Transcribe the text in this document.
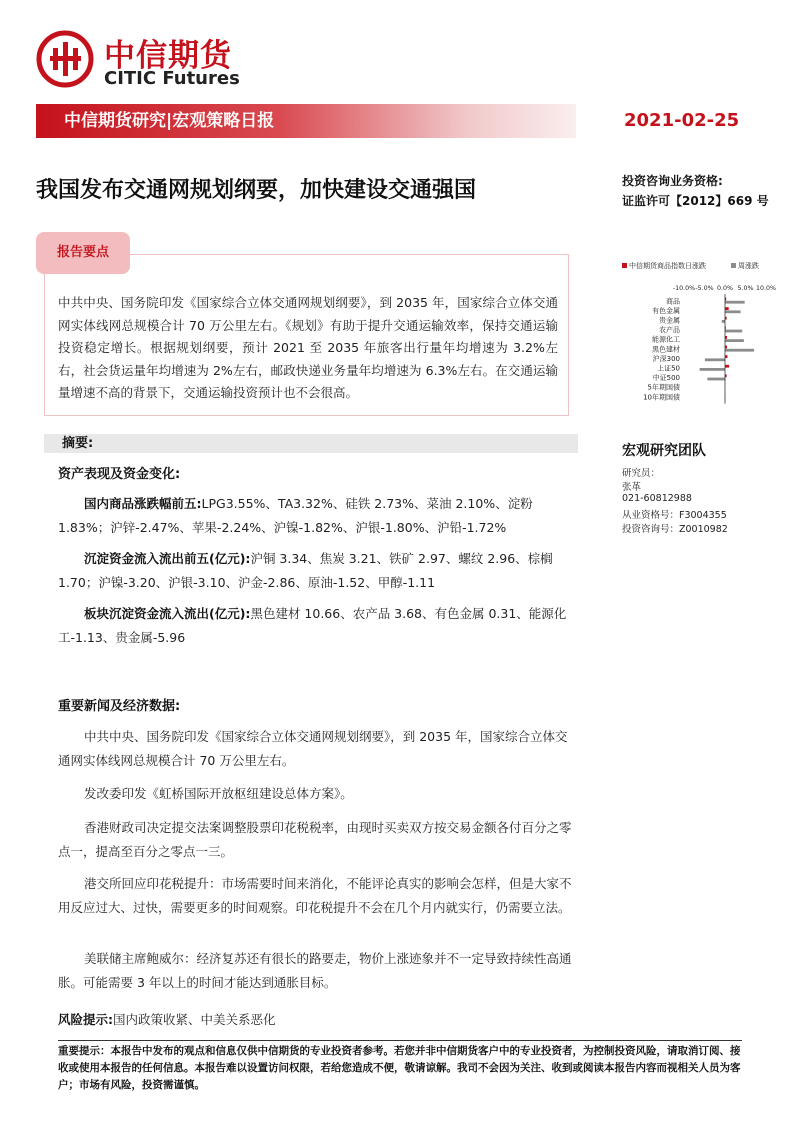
中信期货
CITIC Futures
中信期货研究|宏观策略日报	2021-02-25
我国发布交通网规划纲要，加快建设交通强国	投资咨询业务资格:
证监许可【2012】669 号
报告要点
中共中央、国务院印发《国家综合立体交通网规划纲要》，到 2035 年，国家综合立体交通网实体线网总规模合计 70 万公里左右。《规划》有助于提升交通运输效率，保持交通运输投资稳定增长。根据规划纲要，预计 2021 至 2035 年旅客出行量年均增速为 3.2%左右，社会货运量年均增速为 2%左右，邮政快递业务量年均增速为 6.3%左右。在交通运输量增速不高的背景下，交通运输投资预计也不会很高。
摘要:
资产表现及资金变化:
国内商品涨跌幅前五:LPG3.55%、TA3.32%、硅铁 2.73%、菜油 2.10%、淀粉 1.83%；沪锌-2.47%、苹果-2.24%、沪镍-1.82%、沪银-1.80%、沪铅-1.72%
沉淀资金流入流出前五(亿元):沪铜 3.34、焦炭 3.21、铁矿 2.97、螺纹 2.96、棕榈 1.70；沪镍-3.20、沪银-3.10、沪金-2.86、原油-1.52、甲醇-1.11
板块沉淀资金流入流出(亿元):黑色建材 10.66、农产品 3.68、有色金属 0.31、能源化工-1.13、贵金属-5.96
重要新闻及经济数据:
中共中央、国务院印发《国家综合立体交通网规划纲要》，到 2035 年，国家综合立体交通网实体线网总规模合计 70 万公里左右。
发改委印发《虹桥国际开放枢纽建设总体方案》。
香港财政司决定提交法案调整股票印花税税率，由现时买卖双方按交易金额各付百分之零点一，提高至百分之零点一三。
港交所回应印花税提升：市场需要时间来消化，不能评论真实的影响会怎样，但是大家不用反应过大、过快，需要更多的时间观察。印花税提升不会在几个月内就实行，仍需要立法。
美联储主席鲍威尔：经济复苏还有很长的路要走，物价上涨迹象并不一定导致持续性高通胀。可能需要 3 年以上的时间才能达到通胀目标。
风险提示:国内政策收紧、中美关系恶化
中信期货商品指数日涨跌	周涨跌
-10.0% -5.0% 0.0% 5.0% 10.0%
商品
有色金属
贵金属
农产品
能源化工
黑色建材
沪深300
上证50
中证500
5年期国债
10年期国债
宏观研究团队
研究员：
张革
021-60812988
从业资格号：F3004355
投资咨询号：Z0010982
重要提示：本报告中发布的观点和信息仅供中信期货的专业投资者参考。若您并非中信期货客户中的专业投资者，为控制投资风险，请取消订阅、接收或使用本报告的任何信息。本报告难以设置访问权限，若给您造成不便，敬请谅解。我司不会因为关注、收到或阅读本报告内容而视相关人员为客户；市场有风险，投资需谨慎。
